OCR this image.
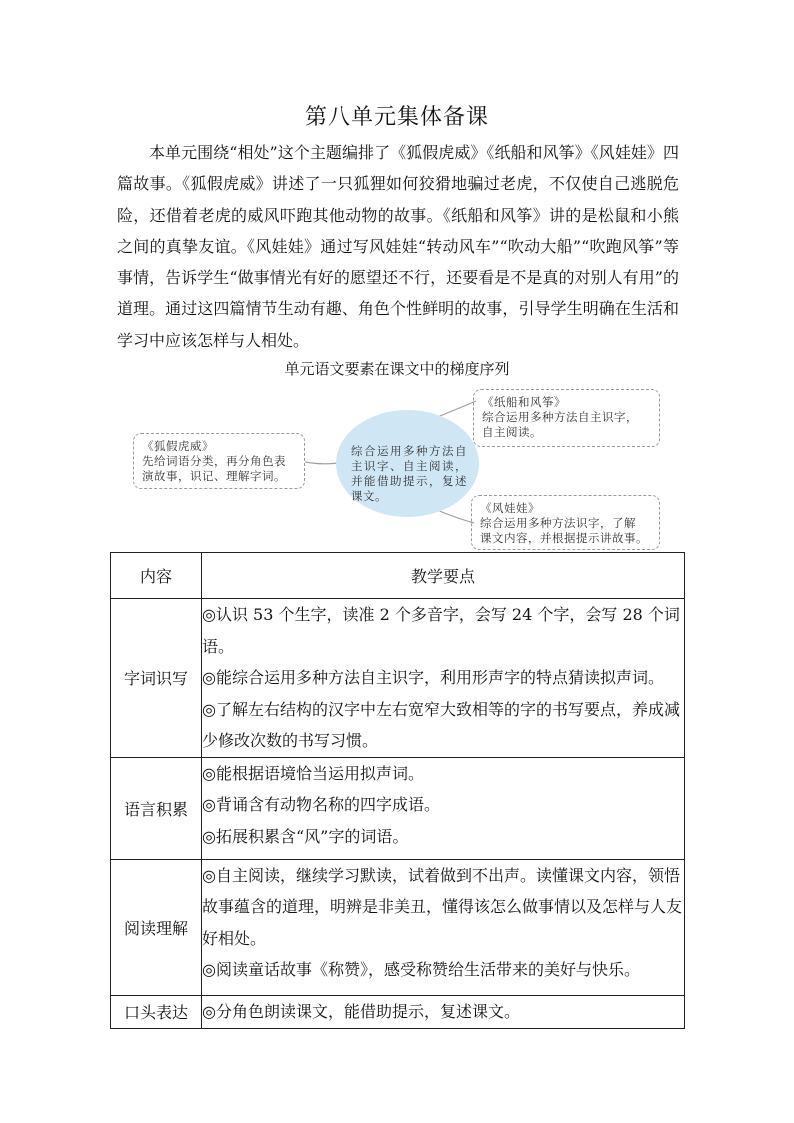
第八单元集体备课

本单元围绕“相处”这个主题编排了《狐假虎威》《纸船和风筝》《风娃娃》四篇故事。《狐假虎威》讲述了一只狐狸如何狡猾地骗过老虎，不仅使自己逃脱危险，还借着老虎的威风吓跑其他动物的故事。《纸船和风筝》讲的是松鼠和小熊之间的真挚友谊。《风娃娃》通过写风娃娃“转动风车”“吹动大船”“吹跑风筝”等事情，告诉学生“做事情光有好的愿望还不行，还要看是不是真的对别人有用”的道理。通过这四篇情节生动有趣、角色个性鲜明的故事，引导学生明确在生活和学习中应该怎样与人相处。

单元语文要素在课文中的梯度序列
《狐假虎威》
先给词语分类，再分角色表
演故事，识记、理解字词。
综合运用多种方法自主识字、自主阅读，并能借助提示，复述课文。
《纸船和风筝》
综合运用多种方法自主识字，
自主阅读。
《风娃娃》
综合运用多种方法识字，了解
课文内容，并根据提示讲故事。
内容	教学要点
字词识写	◎认识 53 个生字，读准 2 个多音字，会写 24 个字，会写 28 个词语。

◎能综合运用多种方法自主识字，利用形声字的特点猜读拟声词。

◎了解左右结构的汉字中左右宽窄大致相等的字的书写要点，养成减少修改次数的书写习惯。

语言积累	◎能根据语境恰当运用拟声词。

◎背诵含有动物名称的四字成语。

◎拓展积累含“风”字的词语。

阅读理解	◎自主阅读，继续学习默读，试着做到不出声。读懂课文内容，领悟故事蕴含的道理，明辨是非美丑，懂得该怎么做事情以及怎样与人友好相处。

◎阅读童话故事《称赞》，感受称赞给生活带来的美好与快乐。

口头表达	◎分角色朗读课文，能借助提示，复述课文。
